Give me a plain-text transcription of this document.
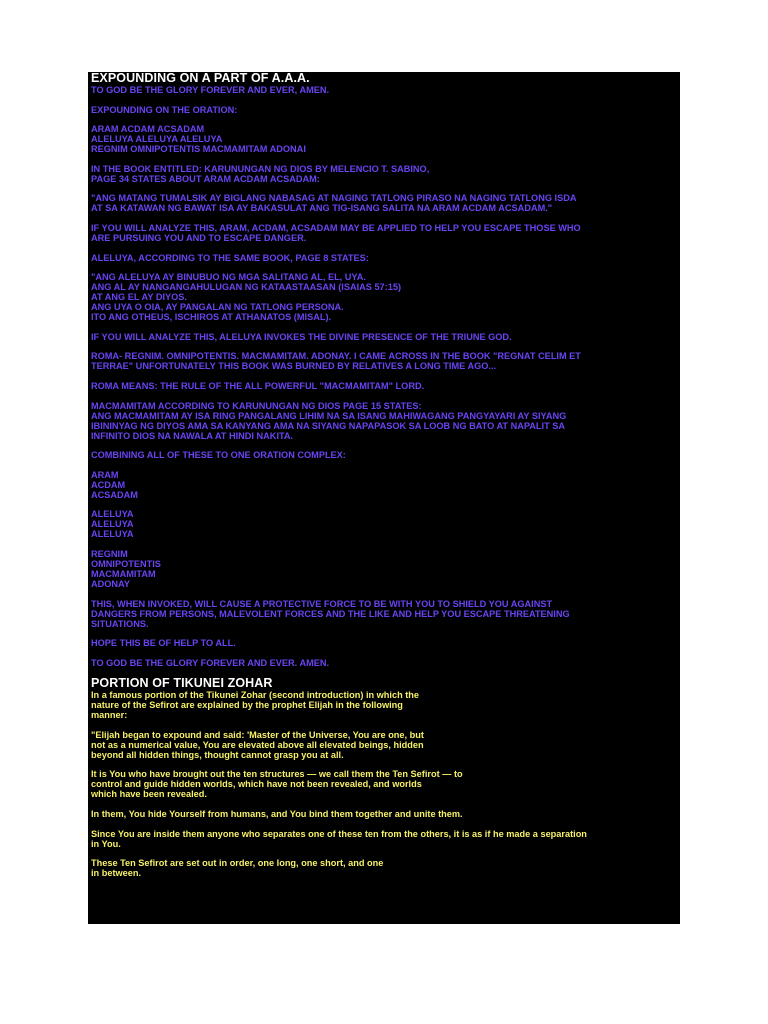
EXPOUNDING ON A PART OF A.A.A.

TO GOD BE THE GLORY FOREVER AND EVER, AMEN.

EXPOUNDING ON THE ORATION:

ARAM ACDAM ACSADAM
ALELUYA ALELUYA ALELUYA
REGNIM OMNIPOTENTIS MACMAMITAM ADONAI

IN THE BOOK ENTITLED: KARUNUNGAN NG DIOS BY MELENCIO T. SABINO,
PAGE 34 STATES ABOUT ARAM ACDAM ACSADAM:

"ANG MATANG TUMALSIK AY BIGLANG NABASAG AT NAGING TATLONG PIRASO NA NAGING TATLONG ISDA
AT SA KATAWAN NG BAWAT ISA AY BAKASULAT ANG TIG-ISANG SALITA NA ARAM ACDAM ACSADAM."

IF YOU WILL ANALYZE THIS, ARAM, ACDAM, ACSADAM MAY BE APPLIED TO HELP YOU ESCAPE THOSE WHO
ARE PURSUING YOU AND TO ESCAPE DANGER.

ALELUYA, ACCORDING TO THE SAME BOOK, PAGE 8 STATES:

"ANG ALELUYA AY BINUBUO NG MGA SALITANG AL, EL, UYA.
ANG AL AY NANGANGAHULUGAN NG KATAASTAASAN (ISAIAS 57:15)
AT ANG EL AY DIYOS.
ANG UYA O OIA, AY PANGALAN NG TATLONG PERSONA.
ITO ANG OTHEUS, ISCHIROS AT ATHANATOS (MISAL).

IF YOU WILL ANALYZE THIS, ALELUYA INVOKES THE DIVINE PRESENCE OF THE TRIUNE GOD.

ROMA- REGNIM. OMNIPOTENTIS. MACMAMITAM. ADONAY. I CAME ACROSS IN THE BOOK "REGNAT CELIM ET
TERRAE" UNFORTUNATELY THIS BOOK WAS BURNED BY RELATIVES A LONG TIME AGO...

ROMA MEANS: THE RULE OF THE ALL POWERFUL "MACMAMITAM" LORD.

MACMAMITAM ACCORDING TO KARUNUNGAN NG DIOS PAGE 15 STATES:
ANG MACMAMITAM AY ISA RING PANGALANG LIHIM NA SA ISANG MAHIWAGANG PANGYAYARI AY SIYANG
IBININYAG NG DIYOS AMA SA KANYANG AMA NA SIYANG NAPAPASOK SA LOOB NG BATO AT NAPALIT SA
INFINITO DIOS NA NAWALA AT HINDI NAKITA.

COMBINING ALL OF THESE TO ONE ORATION COMPLEX:

ARAM
ACDAM
ACSADAM

ALELUYA
ALELUYA
ALELUYA

REGNIM
OMNIPOTENTIS
MACMAMITAM
ADONAY

THIS, WHEN INVOKED, WILL CAUSE A PROTECTIVE FORCE TO BE WITH YOU TO SHIELD YOU AGAINST
DANGERS FROM PERSONS, MALEVOLENT FORCES AND THE LIKE AND HELP YOU ESCAPE THREATENING
SITUATIONS.

HOPE THIS BE OF HELP TO ALL.

TO GOD BE THE GLORY FOREVER AND EVER. AMEN.

PORTION OF TIKUNEI ZOHAR

In a famous portion of the Tikunei Zohar (second introduction) in which the
nature of the Sefirot are explained by the prophet Elijah in the following
manner:

"Elijah began to expound and said: 'Master of the Universe, You are one, but
not as a numerical value, You are elevated above all elevated beings, hidden
beyond all hidden things, thought cannot grasp you at all.

It is You who have brought out the ten structures — we call them the Ten Sefirot — to
control and guide hidden worlds, which have not been revealed, and worlds
which have been revealed.

In them, You hide Yourself from humans, and You bind them together and unite them.

Since You are inside them anyone who separates one of these ten from the others, it is as if he made a separation
in You.

These Ten Sefirot are set out in order, one long, one short, and one
in between.
